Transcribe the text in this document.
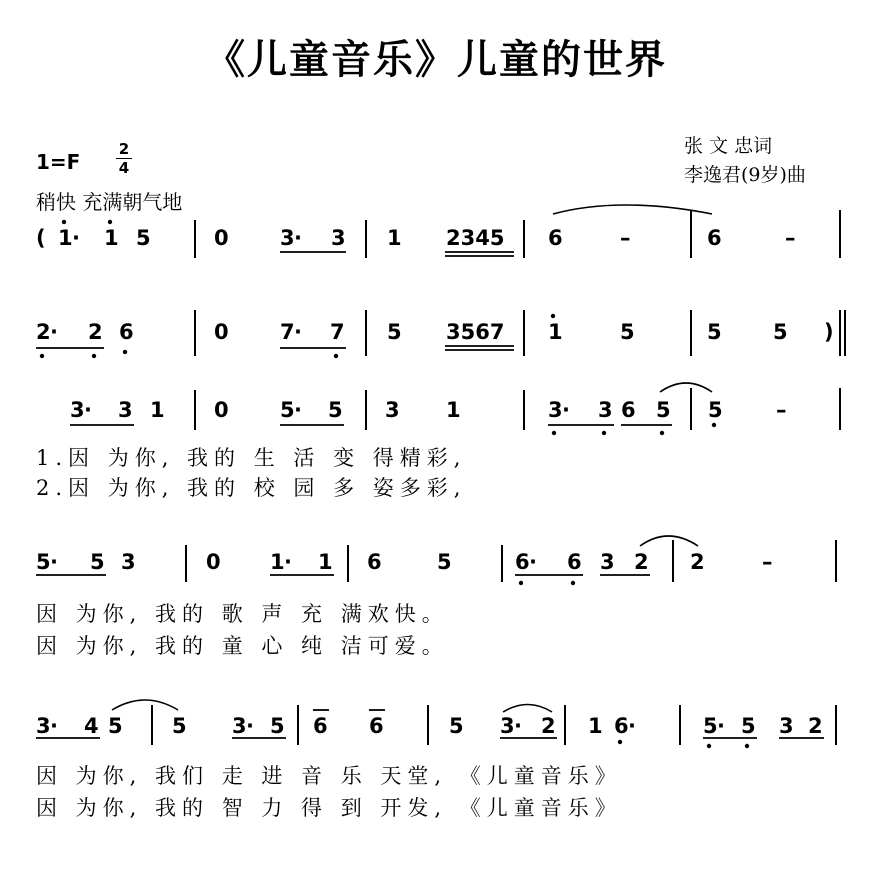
《儿童音乐》儿童的世界
张 文 忠词
李逸君(9岁)曲
1=F
2
4
稍快 充满朝气地
( 1 · 1 5	0 3 · 3 1 2345 6	–	6	–
2 · 2 6	0 7 · 7 5 3567 1	5	5 5 )
3 · 3 1 0 5 · 5 3 1	3 · 3 6 5 5	–
1.因 为你, 我的 生 活 变 得精彩,
2.因 为你, 我的 校 园 多 姿多彩,
5 · 5 3	0 1 · 1 6	5	6 · 6 3 2 2	–
因 为你, 我的 歌 声 充 满欢快。
因 为你, 我的 童 心 纯 洁可爱。
3 · 4 5 5 3 · 5 6 6	5 3 · 2 1 6 ·	5 · 5 3 2
因 为你, 我们 走 进 音 乐 天堂, 《儿童音乐》
因 为你, 我的 智 力 得 到 开发, 《儿童音乐》
